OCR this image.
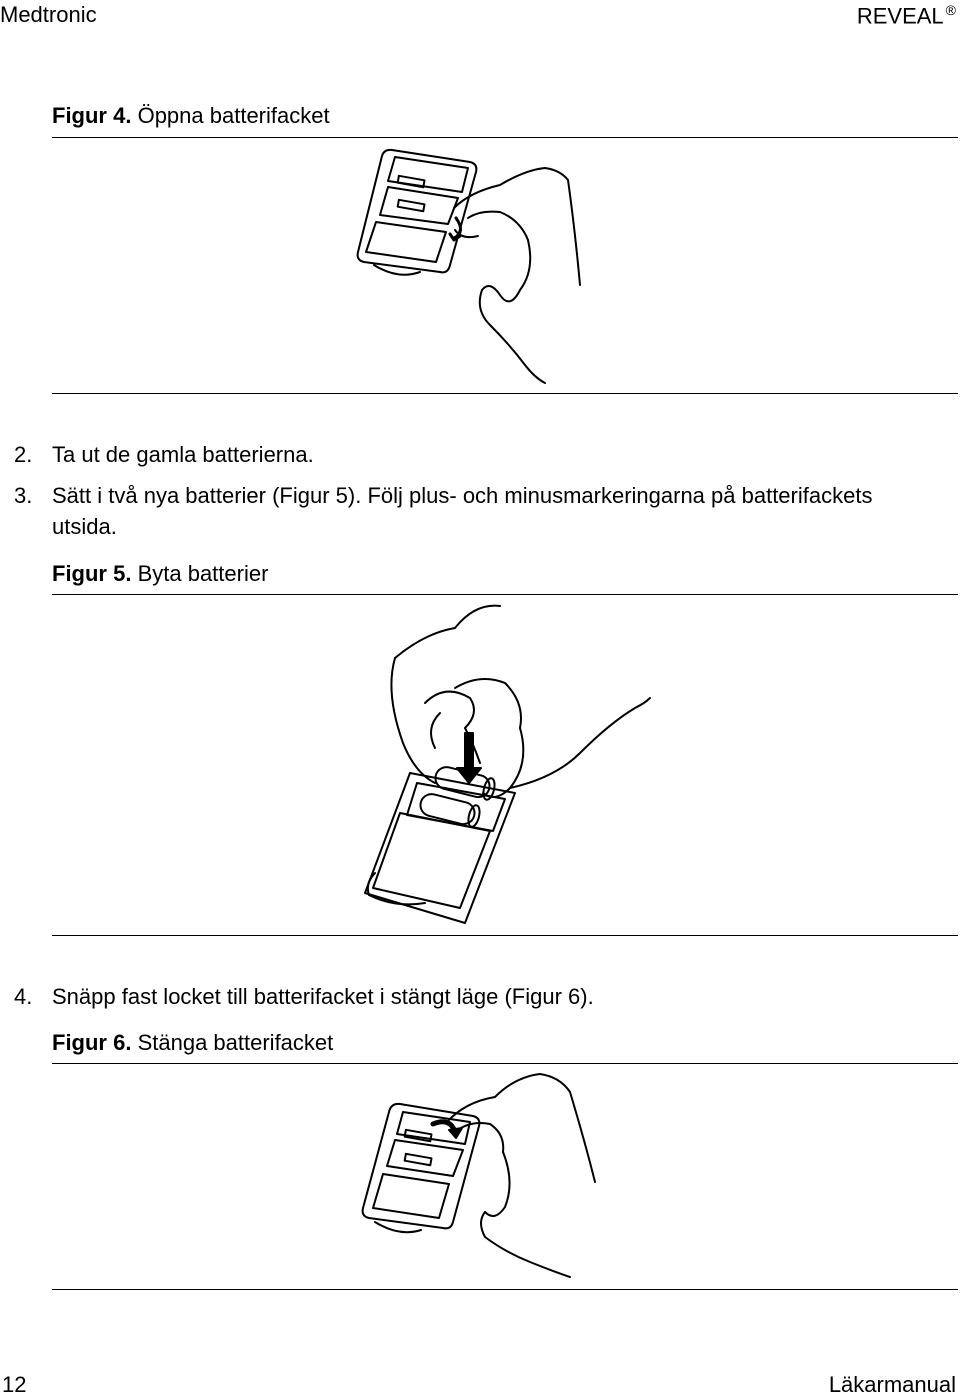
Medtronic	REVEAL ®
Figur 4. Öppna batterifacket
2. Ta ut de gamla batterierna.
3. Sätt i två nya batterier (Figur 5). Följ plus- och minusmarkeringarna på batterifackets
utsida.
Figur 5. Byta batterier
4. Snäpp fast locket till batterifacket i stängt läge (Figur 6).
Figur 6. Stänga batterifacket
12	Läkarmanual
